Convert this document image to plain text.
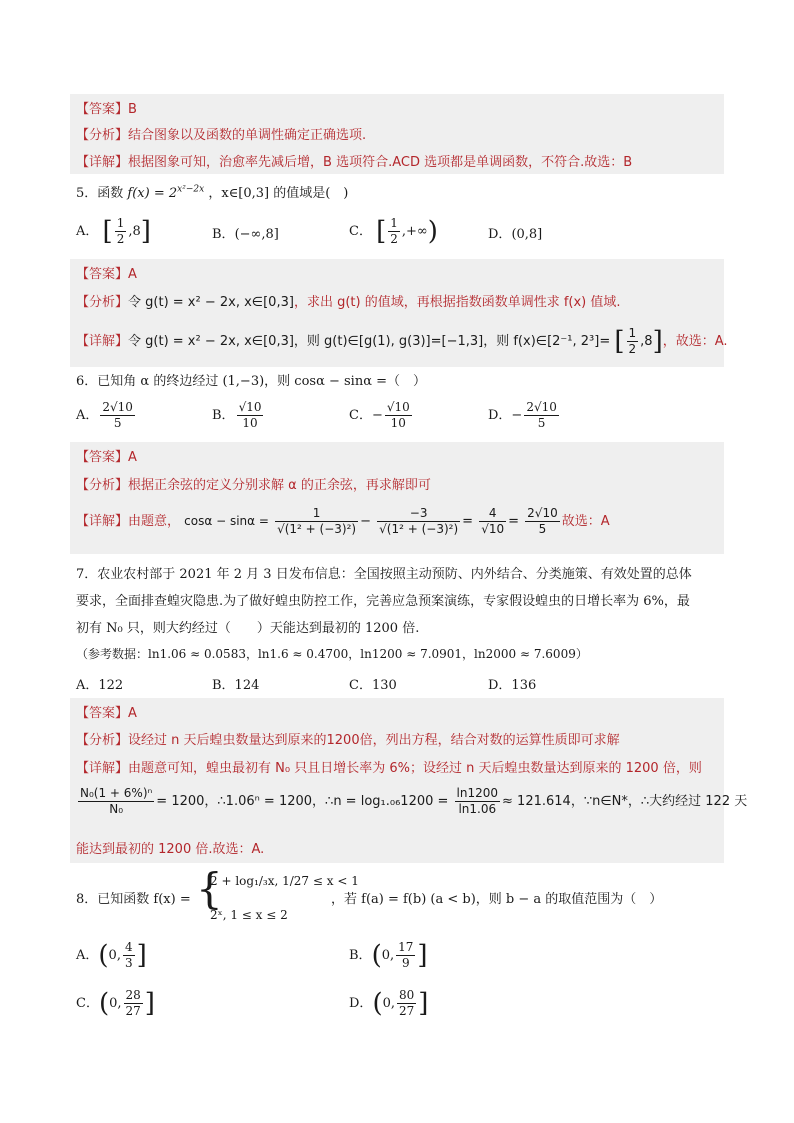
【答案】B
【分析】结合图象以及函数的单调性确定正确选项.
【详解】根据图象可知，治愈率先减后增，B 选项符合.ACD 选项都是单调函数，不符合.故选：B
5．函数 $f(x) = 2^{x^2-2x}$ ，x∈[0,3] 的值域是(　)
A． [ $\frac{1}{2} ,8$]	B．(−∞,8]	C． [ $\frac{1}{2}$ ,+∞)	D．(0,8]
【答案】A
【分析】令 g(t) = x² − 2x, x∈[0,3]，求出 g(t) 的值域，再根据指数函数单调性求 f(x) 值域.
【详解】令 g(t) = x² − 2x, x∈[0,3]，则 g(t)∈[g(1), g(3)]=[−1,3]，则 f(x)∈[2⁻¹, 2³]= [ $\frac{1}{2} ,8$]，故选：A.
6．已知角 α 的终边经过 (1,−3)，则 cosα − sinα =（　）
A． $\frac{2√10}{5}$	B． $\frac{√10}{10}$	C．− $\frac{√10}{10}$	D．− $\frac{2√10}{5}$
【答案】A
【分析】根据正余弦的定义分别求解 α 的正余弦，再求解即可
【详解】由题意， $\cos\alpha - \sin\alpha = \frac{1}{\text{√(1² + (−3)²)}} - \frac{-3}{\text{√(1² + (−3)²)}} = \frac{4}{√10} = \frac{2√10}{5}$ 故选：A
7．农业农村部于 2021 年 2 月 3 日发布信息：全国按照主动预防、内外结合、分类施策、有效处置的总体
要求，全面排查蝗灾隐患.为了做好蝗虫防控工作，完善应急预案演练，专家假设蝗虫的日增长率为 6%，最
初有 N₀ 只，则大约经过（　　）天能达到最初的 1200 倍.
（参考数据：ln1.06 ≈ 0.0583，ln1.6 ≈ 0.4700，ln1200 ≈ 7.0901，ln2000 ≈ 7.6009）
A．122	B．124	C．130	D．136
【答案】A
【分析】设经过 n 天后蝗虫数量达到原来的1200倍，列出方程，结合对数的运算性质即可求解
【详解】由题意可知，蝗虫最初有 N₀ 只且日增长率为 6%；设经过 n 天后蝗虫数量达到原来的 1200 倍，则
$\frac{\text{N₀(1 + 6\%)ⁿ}}{\text{N₀}} = 1200$，∴1.06ⁿ = 1200，∴n = $\log_1._{06}1200 = \frac{\ln 1200}{\ln 1.06} \approx 121.614$，∵n∈N*，∴大约经过 122 天
能达到最初的 1200 倍.故选：A.
8．已知函数 f(x) =	，若 f(a) = f(b) (a < b)，则 b − a 的取值范围为（　）
{
2 + log₁/₃x, 1/27 ≤ x < 1
2ˣ, 1 ≤ x ≤ 2
A．(0, $\frac{4}{3}$ ]	B．(0, $\frac{17}{9}$ ]
C．(0, $\frac{28}{27}$ ]	D．(0, $\frac{80}{27}$ ]
